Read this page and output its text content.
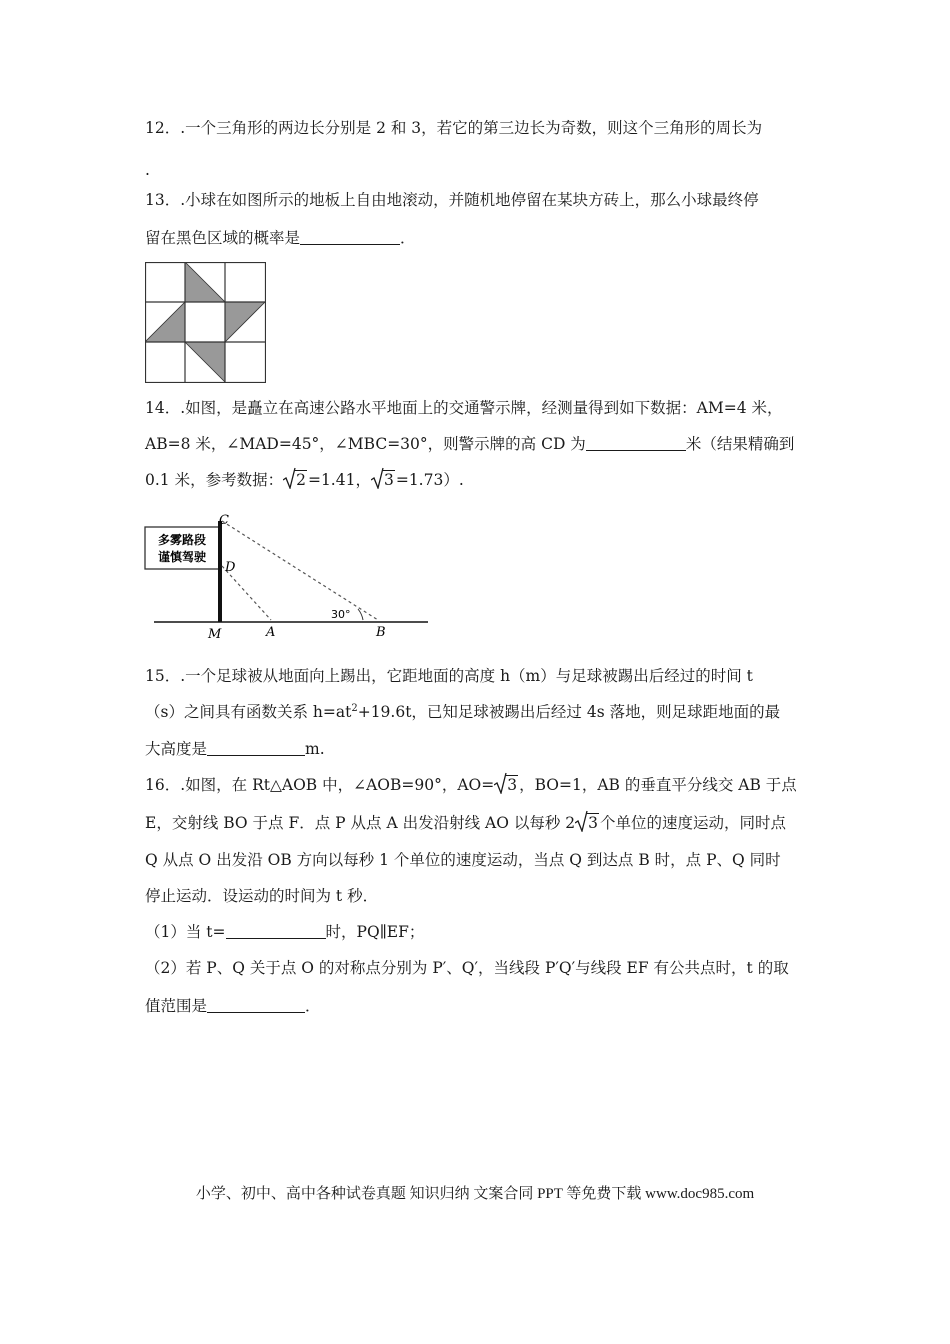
12．.一个三角形的两边长分别是 2 和 3，若它的第三边长为奇数，则这个三角形的周长为
.
13．.小球在如图所示的地板上自由地滚动，并随机地停留在某块方砖上，那么小球最终停
留在黑色区域的概率是	．
14．.如图，是矗立在高速公路水平地面上的交通警示牌，经测量得到如下数据：AM=4 米，
AB=8 米，∠MAD=45°，∠MBC=30°，则警示牌的高 CD 为	米（结果精确到
0.1 米，参考数据： 2 =1.41， 3 =1.73）.
多雾路段
谨慎驾驶
C
D
M	A	B
30°
15．.一个足球被从地面向上踢出，它距地面的高度 h（m）与足球被踢出后经过的时间 t
（s）之间具有函数关系 $h=at^2+19.6t$，已知足球被踢出后经过 4s 落地，则足球距地面的最
大高度是	m.
16．.如图，在 Rt△AOB 中，∠AOB=90°，AO= 3 ，BO=1，AB 的垂直平分线交 AB 于点
E，交射线 BO 于点 F．点 P 从点 A 出发沿射线 AO 以每秒 2 3 个单位的速度运动，同时点
Q 从点 O 出发沿 OB 方向以每秒 1 个单位的速度运动，当点 Q 到达点 B 时，点 P、Q 同时
停止运动．设运动的时间为 t 秒．
（1）当 t=	时，PQ∥EF；
（2）若 P、Q 关于点 O 的对称点分别为 P′、Q′，当线段 P′Q′与线段 EF 有公共点时，t 的取
值范围是	．
小学、初中、高中各种试卷真题 知识归纳 文案合同 PPT 等免费下载 www.doc985.com
